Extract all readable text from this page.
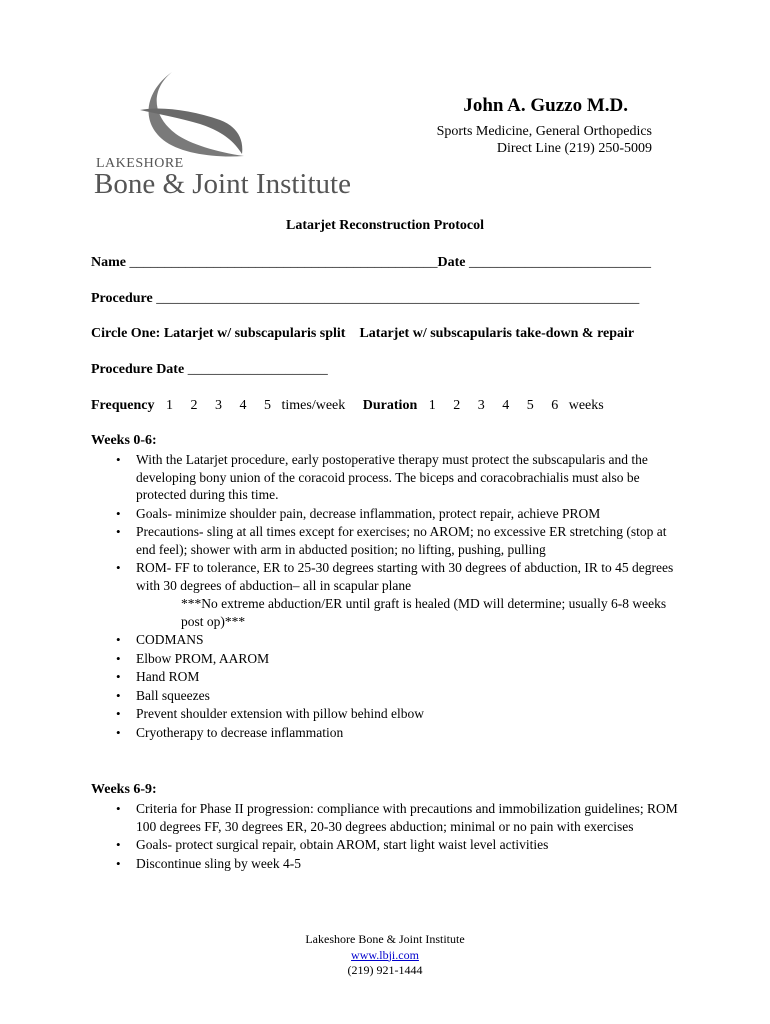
LAKESHORE
Bone & Joint Institute
John A. Guzzo M.D.
Sports Medicine, General Orthopedics
Direct Line (219) 250-5009
Latarjet Reconstruction Protocol
Name ____________________________________________Date __________________________
Procedure _____________________________________________________________________
Circle One: Latarjet w/ subscapularis split    Latarjet w/ subscapularis take-down & repair
Procedure Date ____________________
Frequency 1     2     3     4     5   times/week Duration 1     2     3     4     5     6   weeks
Weeks 0-6:
• With the Latarjet procedure, early postoperative therapy must protect the subscapularis and the developing bony union of the coracoid process. The biceps and coracobrachialis must also be protected during this time.
• Goals- minimize shoulder pain, decrease inflammation, protect repair, achieve PROM
• Precautions- sling at all times except for exercises; no AROM; no excessive ER stretching (stop at end feel); shower with arm in abducted position; no lifting, pushing, pulling
• ROM- FF to tolerance, ER to 25-30 degrees starting with 30 degrees of abduction, IR to 45 degrees with 30 degrees of abduction– all in scapular plane
***No extreme abduction/ER until graft is healed (MD will determine; usually 6-8 weeks post op)***
• CODMANS
• Elbow PROM, AAROM
• Hand ROM
• Ball squeezes
• Prevent shoulder extension with pillow behind elbow
• Cryotherapy to decrease inflammation
Weeks 6-9:
• Criteria for Phase II progression: compliance with precautions and immobilization guidelines; ROM 100 degrees FF, 30 degrees ER, 20-30 degrees abduction; minimal or no pain with exercises
• Goals- protect surgical repair, obtain AROM, start light waist level activities
• Discontinue sling by week 4-5
Lakeshore Bone & Joint Institute
www.lbji.com
(219) 921-1444
